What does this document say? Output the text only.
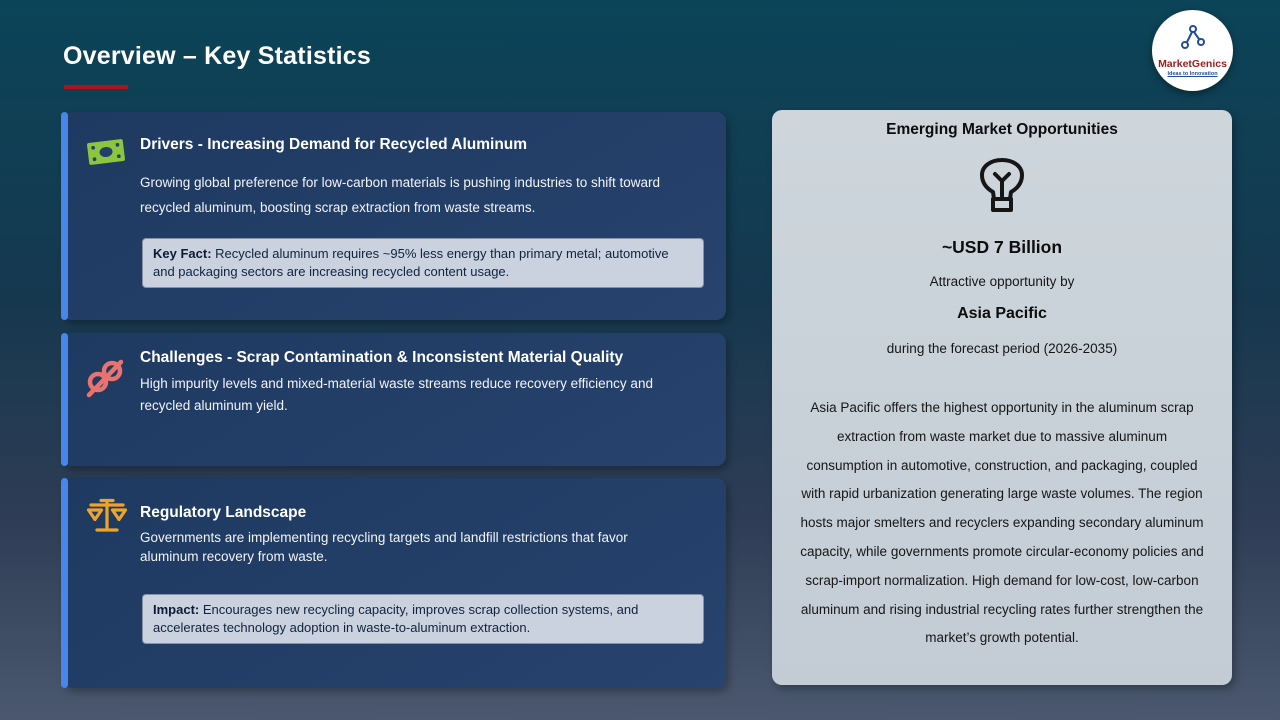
Overview – Key Statistics	MarketGenics
Ideas to Innovation
Drivers - Increasing Demand for Recycled Aluminum
Growing global preference for low-carbon materials is pushing industries to shift toward recycled aluminum, boosting scrap extraction from waste streams.
Key Fact: Recycled aluminum requires ~95% less energy than primary metal; automotive and packaging sectors are increasing recycled content usage.
Challenges - Scrap Contamination & Inconsistent Material Quality
High impurity levels and mixed-material waste streams reduce recovery efficiency and recycled aluminum yield.
Regulatory Landscape
Governments are implementing recycling targets and landfill restrictions that favor aluminum recovery from waste.
Impact: Encourages new recycling capacity, improves scrap collection systems, and accelerates technology adoption in waste-to-aluminum extraction.
Emerging Market Opportunities
~USD 7 Billion
Attractive opportunity by
Asia Pacific
during the forecast period (2026-2035)
Asia Pacific offers the highest opportunity in the aluminum scrap extraction from waste market due to massive aluminum consumption in automotive, construction, and packaging, coupled with rapid urbanization generating large waste volumes. The region hosts major smelters and recyclers expanding secondary aluminum capacity, while governments promote circular-economy policies and scrap-import normalization. High demand for low-cost, low-carbon aluminum and rising industrial recycling rates further strengthen the market’s growth potential.
